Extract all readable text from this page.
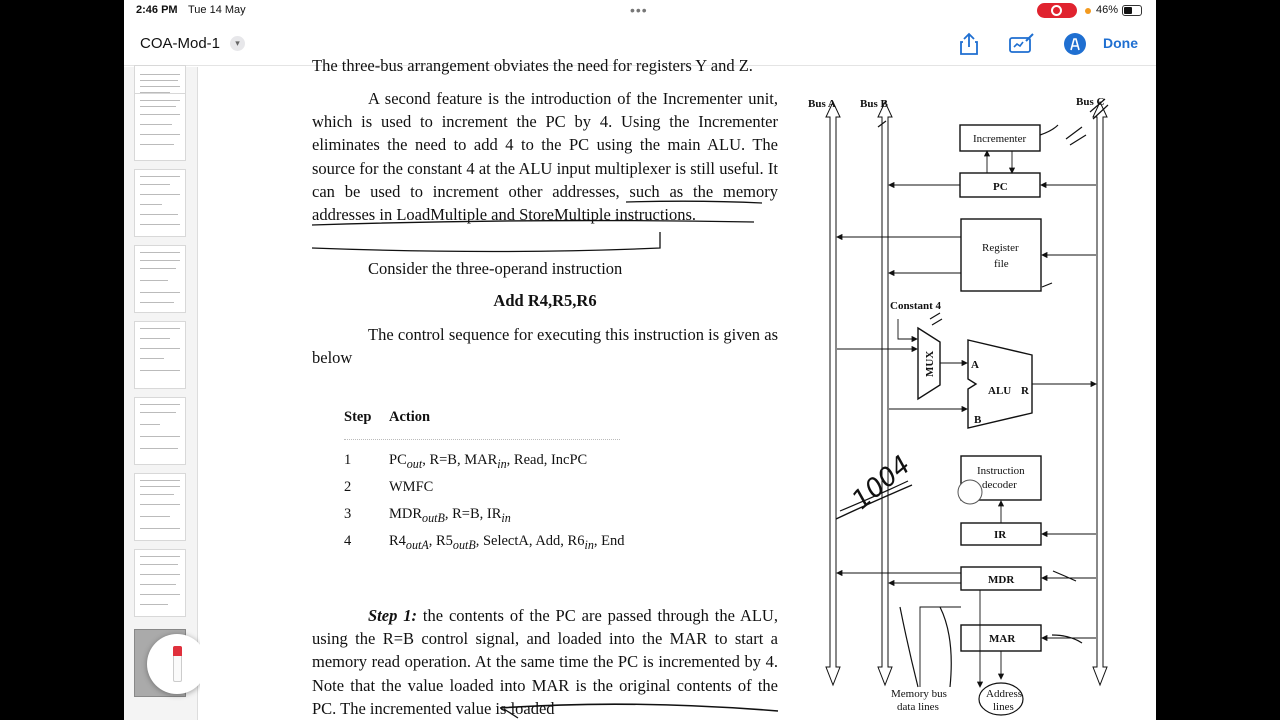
2:46 PM Tue 14 May	•••	46%
COA-Mod-1	▾	Done
The three-bus arrangement obviates the need for registers Y and Z.
A second feature is the introduction of the Incrementer unit, which is used to increment the PC by 4. Using the Incrementer eliminates the need to add 4 to the PC using the main ALU. The source for the constant 4 at the ALU input multiplexer is still useful. It can be used to increment other addresses, such as the memory addresses in LoadMultiple and StoreMultiple instructions.
Consider the three-operand instruction
Add R4,R5,R6
The control sequence for executing this instruction is given as below
Step Action
1	$PC_{out}$, R=B, $MAR_{in}$, Read, IncPC
2	WMFC
3	$MDR_{outB}$, R=B, $IR_{in}$
4	$R4_{outA}$, $R5_{outB}$, SelectA, Add, $R6_{in}$, End
Step 1: the contents of the PC are passed through the ALU, using the R=B control signal, and loaded into the MAR to start a memory read operation. At the same time the PC is incremented by 4. Note that the value loaded into MAR is the original contents of the PC. The incremented value is loaded
Bus A Bus B	Bus C
Incrementer
PC
Register
file
Constant 4
MUX
ALU
A
B
R
Instruction
decoder
IR
MDR
MAR
Memory bus
data lines
Address
lines
1004
